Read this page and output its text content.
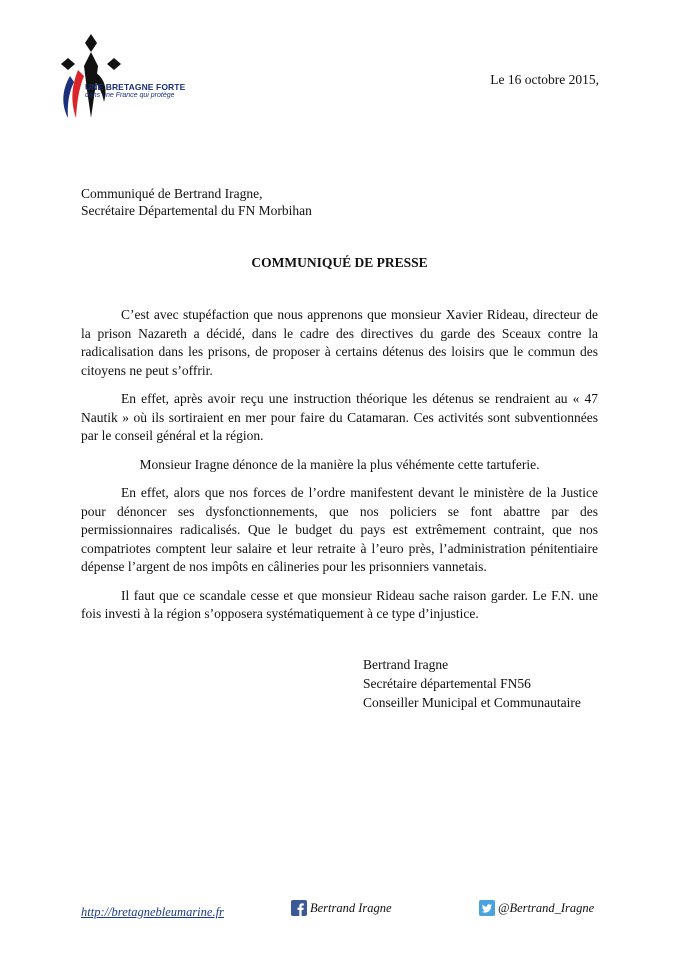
UNE BRETAGNE FORTE
dans une France qui protège
Le 16 octobre 2015,
Communiqué de Bertrand Iragne,
Secrétaire Départemental du FN Morbihan
COMMUNIQUÉ DE PRESSE

C’est avec stupéfaction que nous apprenons que monsieur Xavier Rideau, directeur de la prison Nazareth a décidé, dans le cadre des directives du garde des Sceaux contre la radicalisation dans les prisons, de proposer à certains détenus des loisirs que le commun des citoyens ne peut s’offrir.

En effet, après avoir reçu une instruction théorique les détenus se rendraient au « 47 Nautik » où ils sortiraient en mer pour faire du Catamaran. Ces activités sont subventionnées par le conseil général et la région.

Monsieur Iragne dénonce de la manière la plus véhémente cette tartuferie.

En effet, alors que nos forces de l’ordre manifestent devant le ministère de la Justice pour dénoncer ses dysfonctionnements, que nos policiers se font abattre par des permissionnaires radicalisés. Que le budget du pays est extrêmement contraint, que nos compatriotes comptent leur salaire et leur retraite à l’euro près, l’administration pénitentiaire dépense l’argent de nos impôts en câlineries pour les prisonniers vannetais.

Il faut que ce scandale cesse et que monsieur Rideau sache raison garder. Le F.N. une fois investi à la région s’opposera systématiquement à ce type d’injustice.

Bertrand Iragne
Secrétaire départemental FN56
Conseiller Municipal et Communautaire
http://bretagnebleumarine.fr	Bertrand Iragne	@Bertrand_Iragne
